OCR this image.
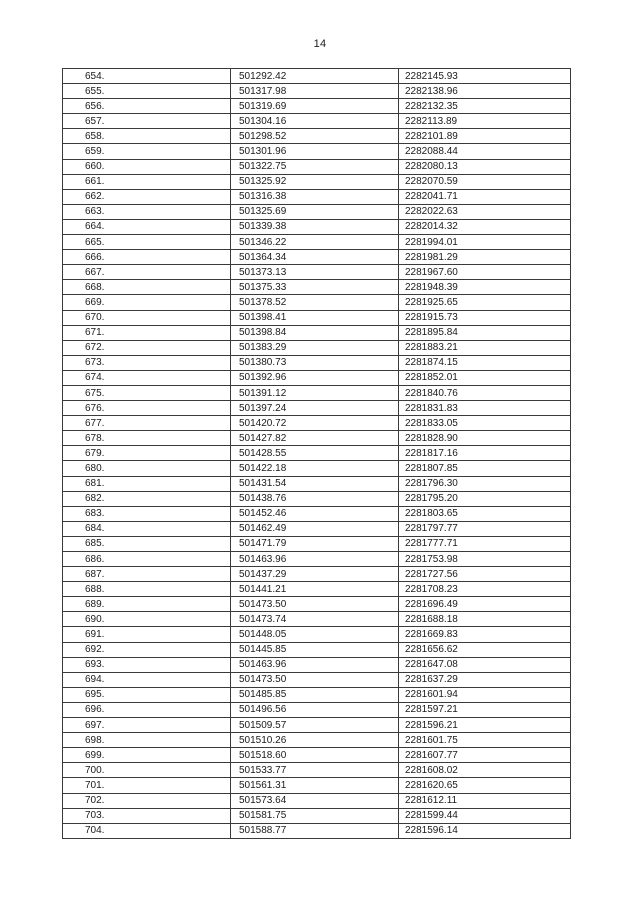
14
654.	501292.42	2282145.93
655.	501317.98	2282138.96
656.	501319.69	2282132.35
657.	501304.16	2282113.89
658.	501298.52	2282101.89
659.	501301.96	2282088.44
660.	501322.75	2282080.13
661.	501325.92	2282070.59
662.	501316.38	2282041.71
663.	501325.69	2282022.63
664.	501339.38	2282014.32
665.	501346.22	2281994.01
666.	501364.34	2281981.29
667.	501373.13	2281967.60
668.	501375.33	2281948.39
669.	501378.52	2281925.65
670.	501398.41	2281915.73
671.	501398.84	2281895.84
672.	501383.29	2281883.21
673.	501380.73	2281874.15
674.	501392.96	2281852.01
675.	501391.12	2281840.76
676.	501397.24	2281831.83
677.	501420.72	2281833.05
678.	501427.82	2281828.90
679.	501428.55	2281817.16
680.	501422.18	2281807.85
681.	501431.54	2281796.30
682.	501438.76	2281795.20
683.	501452.46	2281803.65
684.	501462.49	2281797.77
685.	501471.79	2281777.71
686.	501463.96	2281753.98
687.	501437.29	2281727.56
688.	501441.21	2281708.23
689.	501473.50	2281696.49
690.	501473.74	2281688.18
691.	501448.05	2281669.83
692.	501445.85	2281656.62
693.	501463.96	2281647.08
694.	501473.50	2281637.29
695.	501485.85	2281601.94
696.	501496.56	2281597.21
697.	501509.57	2281596.21
698.	501510.26	2281601.75
699.	501518.60	2281607.77
700.	501533.77	2281608.02
701.	501561.31	2281620.65
702.	501573.64	2281612.11
703.	501581.75	2281599.44
704.	501588.77	2281596.14
